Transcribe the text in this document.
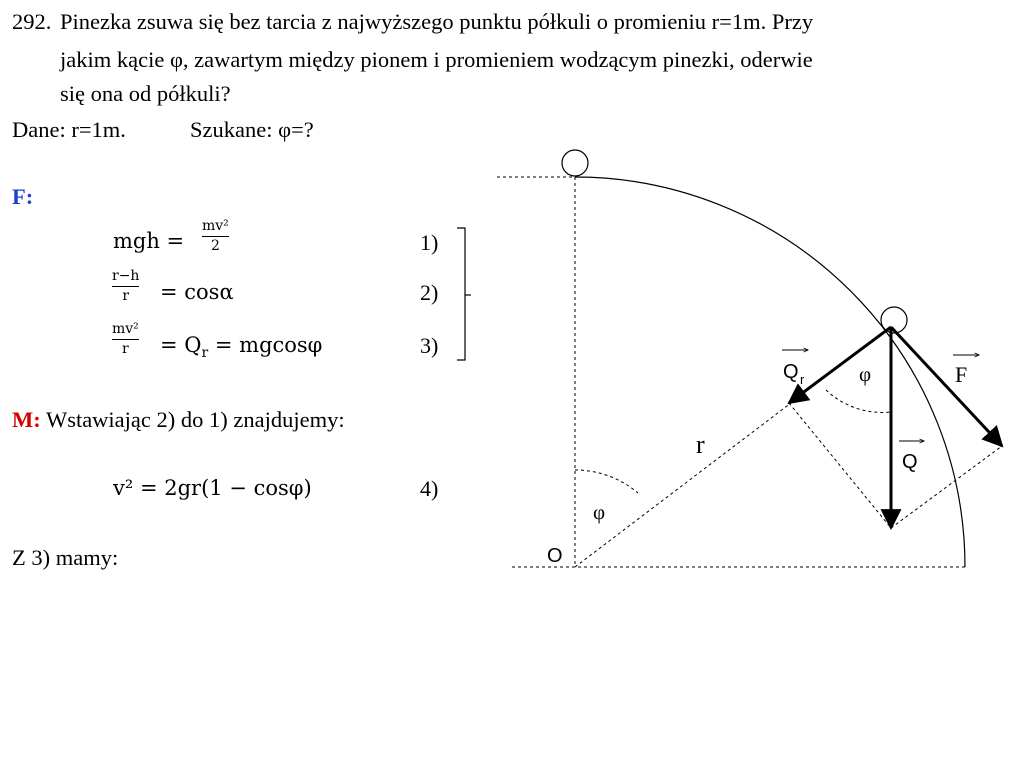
292. Pinezka zsuwa się bez tarcia z najwyższego punktu półkuli o promieniu r=1m. Przy
jakim kącie φ, zawartym między pionem i promieniem wodzącym pinezki, oderwie
się ona od półkuli?
Dane: r=1m.	Szukane: φ=?
F:
mgh =
mv²
2	1)
r−h
r	= cosα	2)
mv²
r	= $Q_r = mgcos\varphi$	3)
M: Wstawiając 2) do 1) znajdujemy:
v² = 2gr(1 − cosφ)	4)
Z 3) mamy:
Q r	φ	F
r
Q
φ
O
